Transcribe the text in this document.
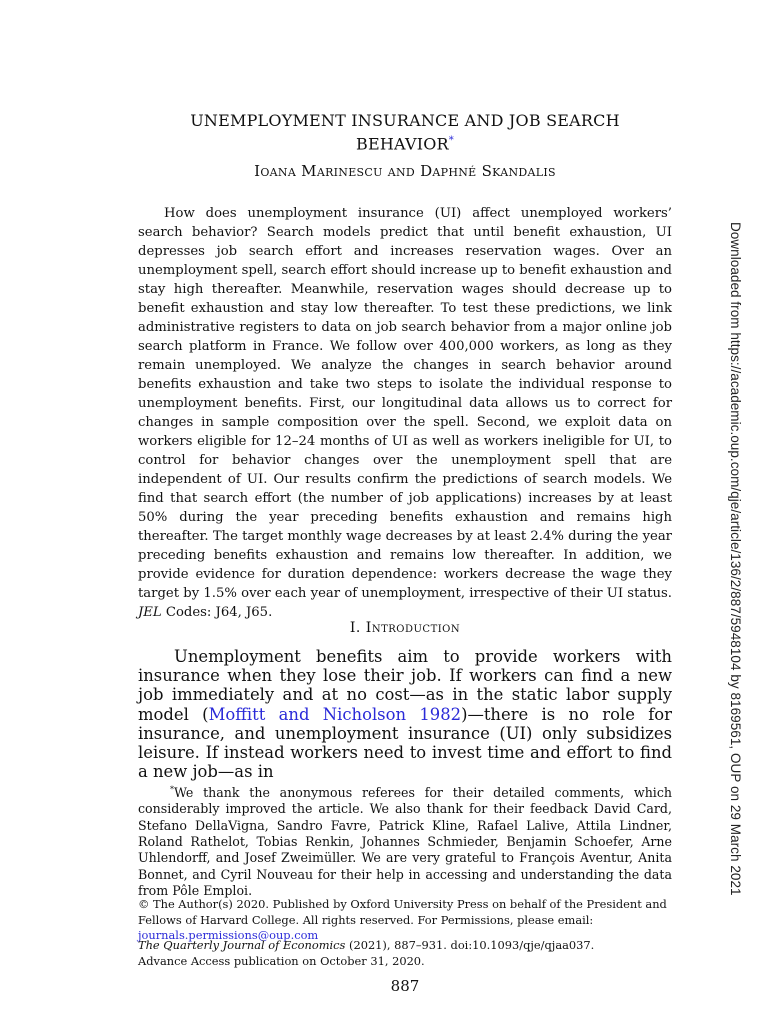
UNEMPLOYMENT INSURANCE AND JOB SEARCH
BEHAVIOR*
Ioana Marinescu and Daphné Skandalis

How does unemployment insurance (UI) affect unemployed workers’ search behavior? Search models predict that until benefit exhaustion, UI depresses job search effort and increases reservation wages. Over an unemployment spell, search effort should increase up to benefit exhaustion and stay high thereafter. Meanwhile, reservation wages should decrease up to benefit exhaustion and stay low thereafter. To test these predictions, we link administrative registers to data on job search behavior from a major online job search platform in France. We follow over 400,000 workers, as long as they remain unemployed. We analyze the changes in search behavior around benefits exhaustion and take two steps to isolate the individual response to unemployment benefits. First, our longitudinal data allows us to correct for changes in sample composition over the spell. Second, we exploit data on workers eligible for 12–24 months of UI as well as workers ineligible for UI, to control for behavior changes over the unemployment spell that are independent of UI. Our results confirm the predictions of search models. We find that search effort (the number of job applications) increases by at least 50% during the year preceding benefits exhaustion and remains high thereafter. The target monthly wage decreases by at least 2.4% during the year preceding benefits exhaustion and remains low thereafter. In addition, we provide evidence for duration dependence: workers decrease the wage they target by 1.5% over each year of unemployment, irrespective of their UI status. JEL Codes: J64, J65.

I. Introduction

Unemployment benefits aim to provide workers with insurance when they lose their job. If workers can find a new job immediately and at no cost—as in the static labor supply model (Moffitt and Nicholson 1982)—there is no role for insurance, and unemployment insurance (UI) only subsidizes leisure. If instead workers need to invest time and effort to find a new job—as in

*We thank the anonymous referees for their detailed comments, which considerably improved the article. We also thank for their feedback David Card, Stefano DellaVigna, Sandro Favre, Patrick Kline, Rafael Lalive, Attila Lindner, Roland Rathelot, Tobias Renkin, Johannes Schmieder, Benjamin Schoefer, Arne Uhlendorff, and Josef Zweimüller. We are very grateful to François Aventur, Anita Bonnet, and Cyril Nouveau for their help in accessing and understanding the data from Pôle Emploi.

© The Author(s) 2020. Published by Oxford University Press on behalf of the President and Fellows of Harvard College. All rights reserved. For Permissions, please email: journals.permissions@oup.com

The Quarterly Journal of Economics (2021), 887–931. doi:10.1093/qje/qjaa037.

Advance Access publication on October 31, 2020.

887
Downloaded from https://academic.oup.com/qje/article/136/2/887/5948104 by 8169561, OUP on 29 March 2021
